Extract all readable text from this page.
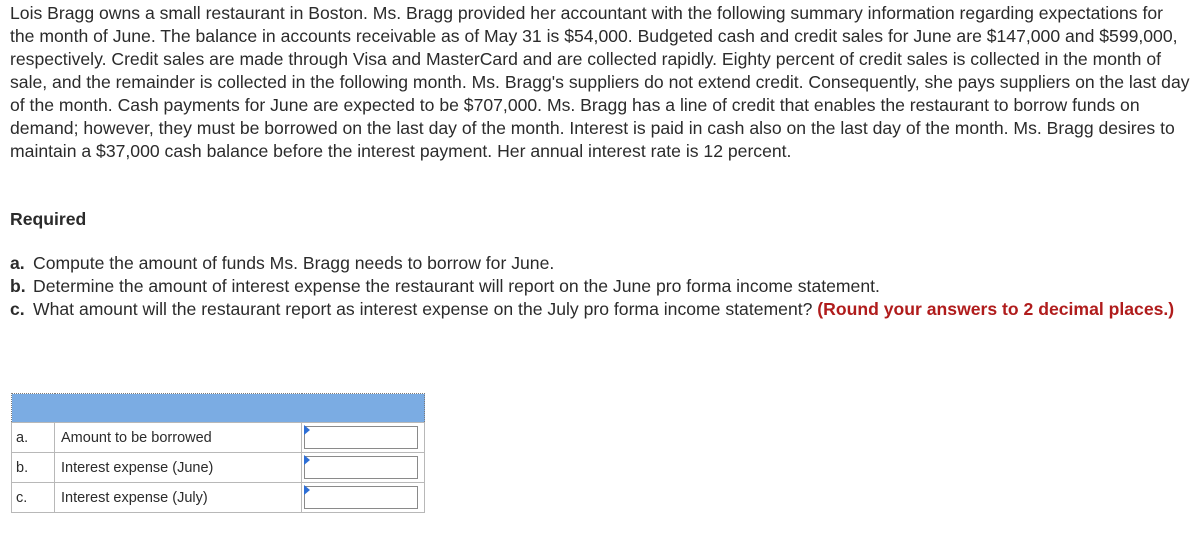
Lois Bragg owns a small restaurant in Boston. Ms. Bragg provided her accountant with the following summary information regarding expectations for the month of June. The balance in accounts receivable as of May 31 is $54,000. Budgeted cash and credit sales for June are $147,000 and $599,000, respectively. Credit sales are made through Visa and MasterCard and are collected rapidly. Eighty percent of credit sales is collected in the month of sale, and the remainder is collected in the following month. Ms. Bragg's suppliers do not extend credit. Consequently, she pays suppliers on the last day of the month. Cash payments for June are expected to be $707,000. Ms. Bragg has a line of credit that enables the restaurant to borrow funds on demand; however, they must be borrowed on the last day of the month. Interest is paid in cash also on the last day of the month. Ms. Bragg desires to maintain a $37,000 cash balance before the interest payment. Her annual interest rate is 12 percent.

Required

a. Compute the amount of funds Ms. Bragg needs to borrow for June.
b. Determine the amount of interest expense the restaurant will report on the June pro forma income statement.
c. What amount will the restaurant report as interest expense on the July pro forma income statement? (Round your answers to 2 decimal places.)

a.	Amount to be borrowed	

b.	Interest expense (June)	

c.	Interest expense (July)	
